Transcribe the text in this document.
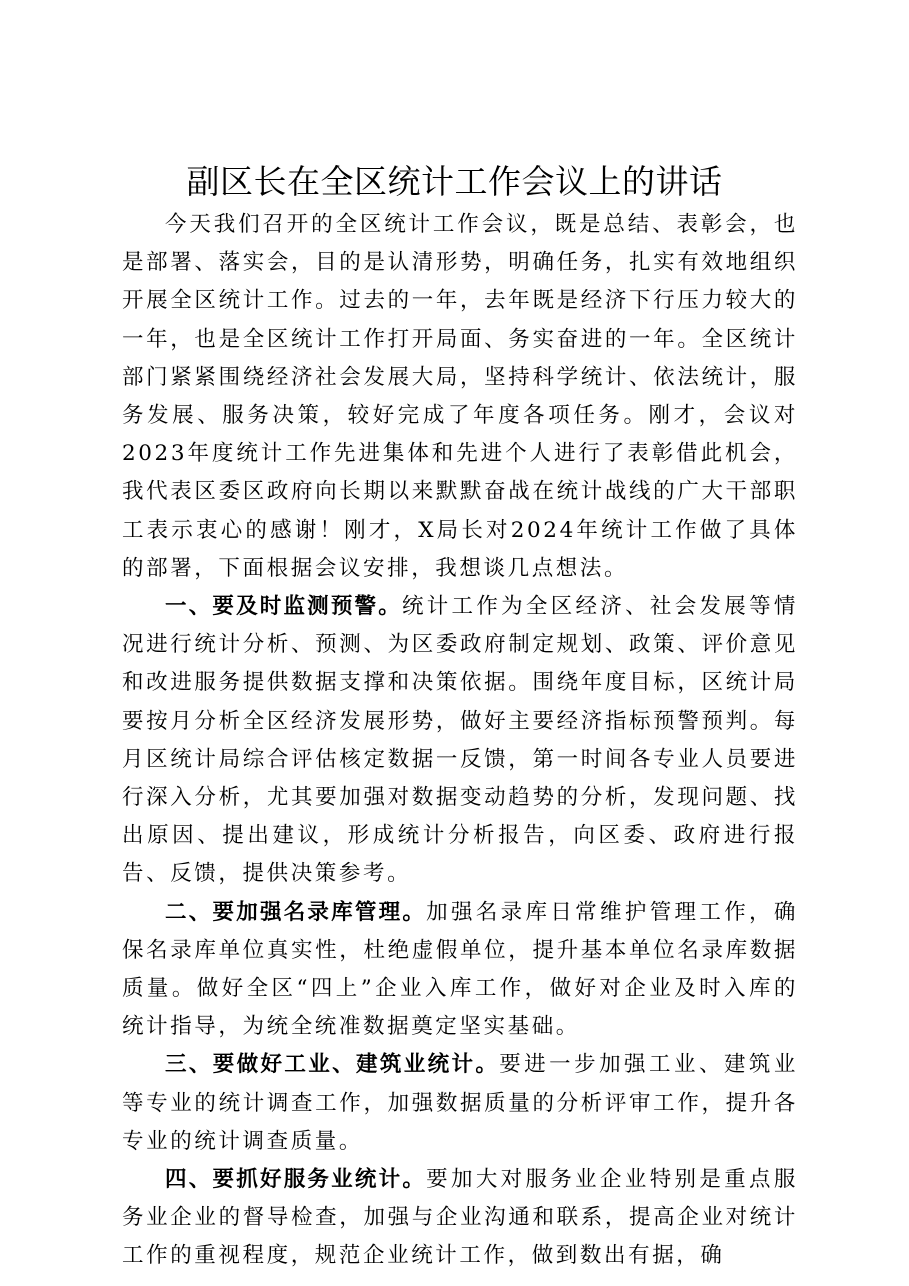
副区长在全区统计工作会议上的讲话

今天我们召开的全区统计工作会议，既是总结、表彰会，也是部署、落实会，目的是认清形势，明确任务，扎实有效地组织开展全区统计工作。过去的一年，去年既是经济下行压力较大的一年，也是全区统计工作打开局面、务实奋进的一年。全区统计部门紧紧围绕经济社会发展大局，坚持科学统计、依法统计，服务发展、服务决策，较好完成了年度各项任务。刚才，会议对2023年度统计工作先进集体和先进个人进行了表彰借此机会，我代表区委区政府向长期以来默默奋战在统计战线的广大干部职工表示衷心的感谢！刚才，X局长对2024年统计工作做了具体的部署，下面根据会议安排，我想谈几点想法。

一、要及时监测预警。统计工作为全区经济、社会发展等情况进行统计分析、预测、为区委政府制定规划、政策、评价意见和改进服务提供数据支撑和决策依据。围绕年度目标，区统计局要按月分析全区经济发展形势，做好主要经济指标预警预判。每月区统计局综合评估核定数据一反馈，第一时间各专业人员要进行深入分析，尤其要加强对数据变动趋势的分析，发现问题、找出原因、提出建议，形成统计分析报告，向区委、政府进行报告、反馈，提供决策参考。

二、要加强名录库管理。加强名录库日常维护管理工作，确保名录库单位真实性，杜绝虚假单位，提升基本单位名录库数据质量。做好全区“四上”企业入库工作，做好对企业及时入库的统计指导，为统全统准数据奠定坚实基础。

三、要做好工业、建筑业统计。要进一步加强工业、建筑业等专业的统计调查工作，加强数据质量的分析评审工作，提升各专业的统计调查质量。

四、要抓好服务业统计。要加大对服务业企业特别是重点服务业企业的督导检查，加强与企业沟通和联系，提高企业对统计工作的重视程度，规范企业统计工作，做到数出有据，确
